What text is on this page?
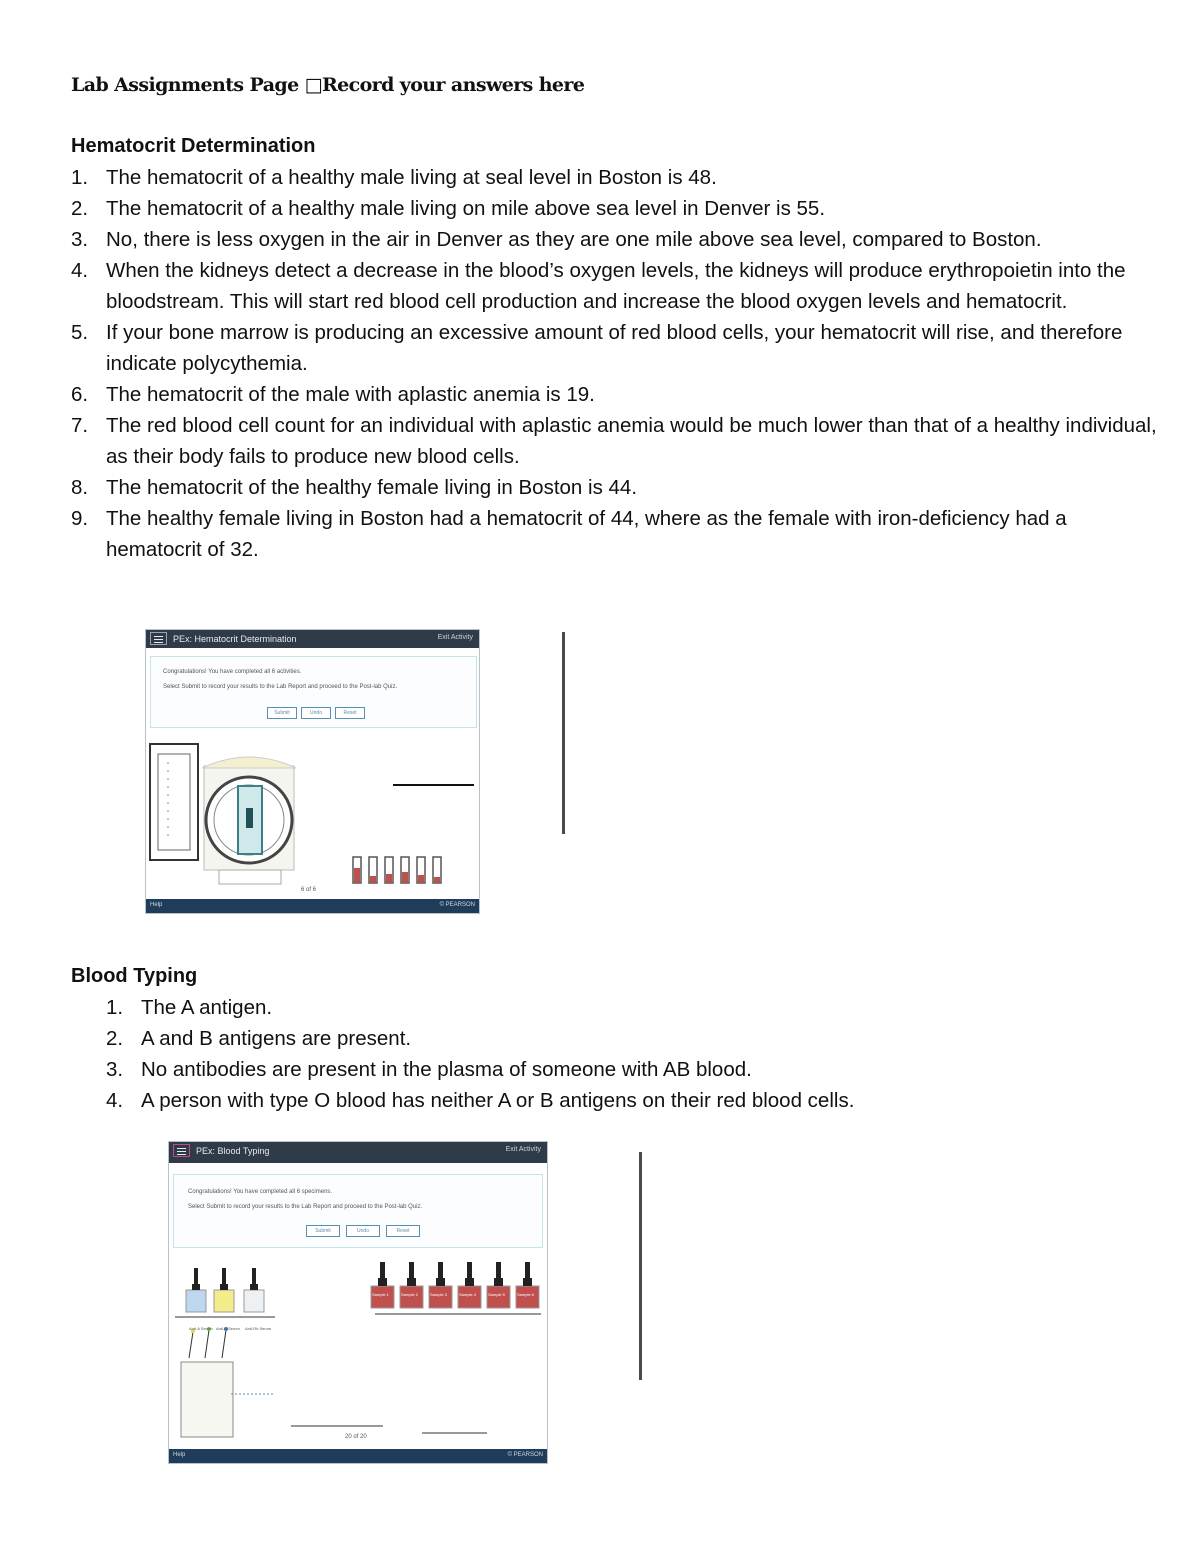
Lab Assignments Page □Record your answers here
Hematocrit Determination
1. The hematocrit of a healthy male living at seal level in Boston is 48.
2. The hematocrit of a healthy male living on mile above sea level in Denver is 55.
3. No, there is less oxygen in the air in Denver as they are one mile above sea level, compared to Boston.
4. When the kidneys detect a decrease in the blood’s oxygen levels, the kidneys will produce erythropoietin into the bloodstream. This will start red blood cell production and increase the blood oxygen levels and hematocrit.
5. If your bone marrow is producing an excessive amount of red blood cells, your hematocrit will rise, and therefore indicate polycythemia.
6. The hematocrit of the male with aplastic anemia is 19.
7. The red blood cell count for an individual with aplastic anemia would be much lower than that of a healthy individual, as their body fails to produce new blood cells.
8. The hematocrit of the healthy female living in Boston is 44.
9. The healthy female living in Boston had a hematocrit of 44, where as the female with iron-deficiency had a hematocrit of 32.
PEx: Hematocrit Determination	Exit Activity
Congratulations! You have completed all 6 activities.
Select Submit to record your results to the Lab Report and proceed to the Post-lab Quiz.
Submit	Undo	Reset
6 of 6
Help	© PEARSON
Blood Typing
1. The A antigen.
2. A and B antigens are present.
3. No antibodies are present in the plasma of someone with AB blood.
4. A person with type O blood has neither A or B antigens on their red blood cells.
PEx: Blood Typing	Exit Activity
Congratulations! You have completed all 6 specimens.
Select Submit to record your results to the Lab Report and proceed to the Post-lab Quiz.
Submit	Undo	Reset
Anti-A Serum Anti-B Serum Anti-Rh Serum
Sample 1	Sample 2	Sample 3	Sample 4	Sample 5	Sample 6
20 of 20
Help	© PEARSON
